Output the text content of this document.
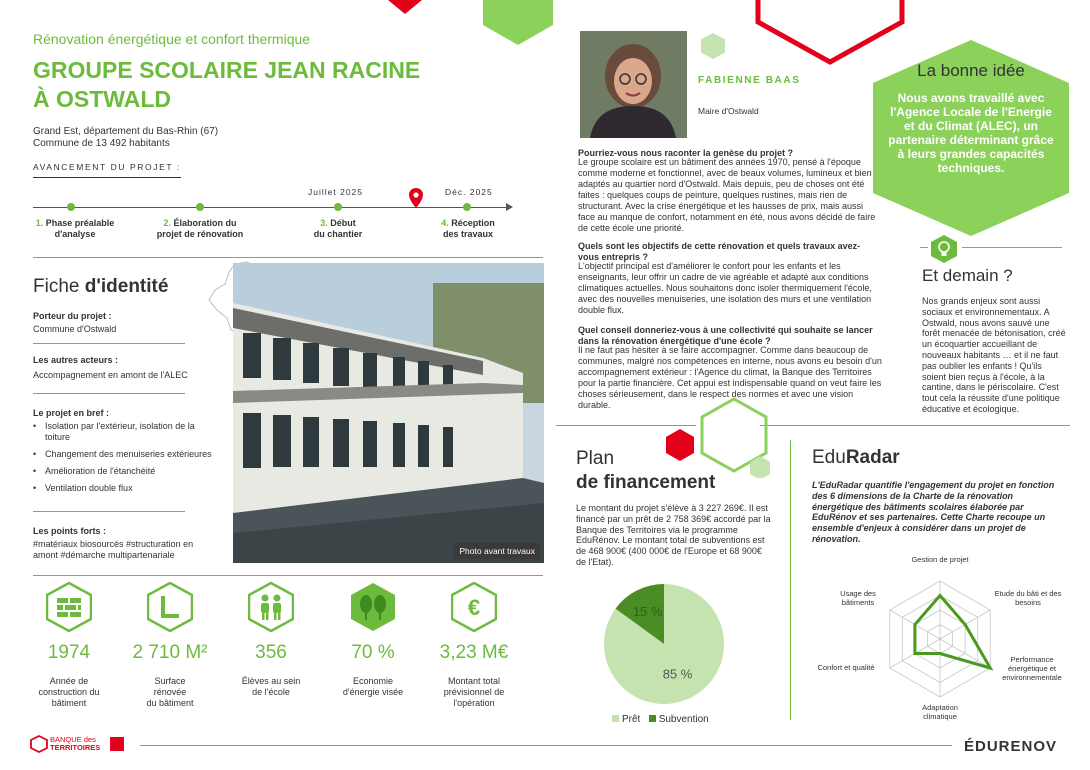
Rénovation énergétique et confort thermique
GROUPE SCOLAIRE JEAN RACINE
À OSTWALD
Grand Est, département du Bas-Rhin (67)
Commune de 13 492 habitants
AVANCEMENT DU PROJET :
Juillet 2025	Déc. 2025
1. Phase préalable
d'analyse
2. Élaboration du
projet de rénovation
3. Début
du chantier
4. Réception
des travaux
Fiche d'identité
Porteur du projet :
Commune d'Ostwald
Les autres acteurs :
Accompagnement en amont de l'ALEC
Le projet en bref :
• Isolation par l'extérieur, isolation de la toiture
• Changement des menuiseries extérieures
• Amélioration de l'étanchéité
• Ventilation double flux
Les points forts :
#matériaux biosourcés #structuration en amont #démarche multipartenariale	Photo avant travaux
€
1974	2 710 M²	356	70 %	3,23 M€
Année de
construction du
bâtiment
Surface
rénovée
du bâtiment
Élèves au sein
de l'école
Economie
d'énergie visée
Montant total
prévisionnel de
l'opération
FABIENNE BAAS
Maire d'Ostwald
Pourriez-vous nous raconter la genèse du projet ?
Le groupe scolaire est un bâtiment des années 1970, pensé à l'époque comme moderne et fonctionnel, avec de beaux volumes, lumineux et bien adaptés au quartier nord d'Ostwald. Mais depuis, peu de choses ont été faites : quelques coups de peinture, quelques rustines, mais rien de structurant. Avec la crise énergétique et les hausses de prix, mais aussi face au manque de confort, notamment en été, nous avons décidé de faire de cette école une priorité.
Quels sont les objectifs de cette rénovation et quels travaux avez-vous entrepris ?
L'objectif principal est d'améliorer le confort pour les enfants et les enseignants, leur offrir un cadre de vie agréable et adapté aux conditions climatiques actuelles. Nous souhaitons donc isoler thermiquement l'école, avec des nouvelles menuiseries, une isolation des murs et une ventilation double flux.
Quel conseil donneriez-vous à une collectivité qui souhaite se lancer dans la rénovation énergétique d'une école ?
Il ne faut pas hésiter à se faire accompagner. Comme dans beaucoup de communes, malgré nos compétences en interne, nous avons eu besoin d'un accompagnement extérieur : l'Agence du climat, la Banque des Territoires pour la partie financière. Cet appui est indispensable quand on veut faire les choses sérieusement, dans le respect des normes et avec une vision durable.
La bonne idée
Nous avons travaillé avec l'Agence Locale de l'Energie et du Climat (ALEC), un partenaire déterminant grâce à leurs grandes capacités techniques.
Et demain ?
Nos grands enjeux sont aussi sociaux et environnementaux. A Ostwald, nous avons sauvé une forêt menacée de bétonisation, créé un écoquartier accueillant de nouveaux habitants … et il ne faut pas oublier les enfants ! Qu'ils soient bien reçus à l'école, à la cantine, dans le périscolaire. C'est tout cela la réussite d'une politique éducative et écologique.
Plan
de financement
Le montant du projet s'élève à 3 227 269€. Il est financé par un prêt de 2 758 369€ accordé par la Banque des Territoires via le programme EduRénov. Le montant total de subventions est de 468 900€ (400 000€ de l'Europe et 68 900€ de l'Etat).
15 %
85 %
Prêt Subvention
EduRadar
L'EduRadar quantifie l'engagement du projet en fonction des 6 dimensions de la Charte de la rénovation énergétique des bâtiments scolaires élaborée par EduRénov et ses partenaires. Cette Charte recoupe un ensemble d'enjeux à considérer dans un projet de rénovation.
Gestion de projet
Etude du bâti et des besoins
Performance énergétique et environnementale
Adaptation climatique
Confort et qualité
Usage des bâtiments
BANQUE des
TERRITOIRES	ÉDURENOV
